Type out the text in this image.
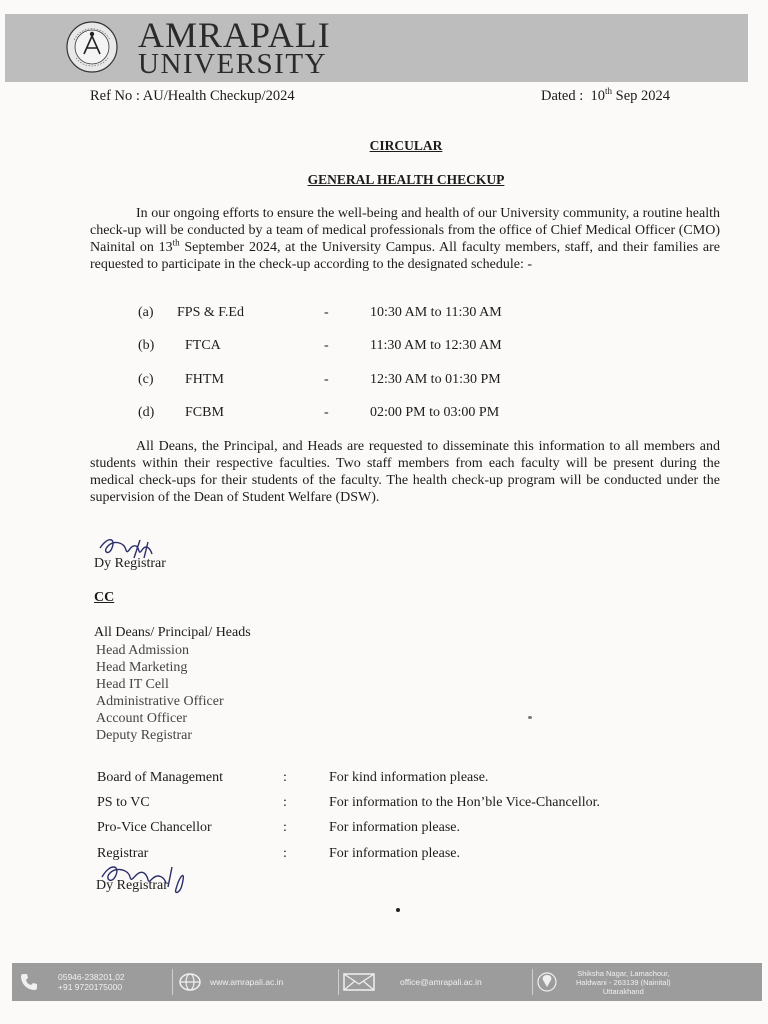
AMRAPALI
UNIVERSITY
Ref No : AU/Health Checkup/2024	Dated : 10th Sep 2024
CIRCULAR
GENERAL HEALTH CHECKUP
In our ongoing efforts to ensure the well-being and health of our University community, a routine health check-up will be conducted by a team of medical professionals from the office of Chief Medical Officer (CMO) Nainital on 13th September 2024, at the University Campus. All faculty members, staff, and their families are requested to participate in the check-up according to the designated schedule: -
(a) FPS & F.Ed	-	10:30 AM to 11:30 AM
(b) FTCA	-	11:30 AM to 12:30 AM
(c) FHTM	-	12:30 AM to 01:30 PM
(d) FCBM	-	02:00 PM to 03:00 PM
All Deans, the Principal, and Heads are requested to disseminate this information to all members and students within their respective faculties. Two staff members from each faculty will be present during the medical check-ups for their students of the faculty. The health check-up program will be conducted under the supervision of the Dean of Student Welfare (DSW).
Dy Registrar
CC
All Deans/ Principal/ Heads
Head Admission
Head Marketing
Head IT Cell
Administrative Officer
Account Officer
Deputy Registrar
Board of Management	:	For kind information please.
PS to VC	:	For information to the Hon’ble Vice-Chancellor.
Pro-Vice Chancellor	:	For information please.
Registrar	:	For information please.
Dy Registrar
05946-238201,02
+91 9720175000	www.amrapali.ac.in	office@amrapali.ac.in
Shiksha Nagar, Lamachour,
Haldwani - 263139 (Nainital)
Uttarakhand
